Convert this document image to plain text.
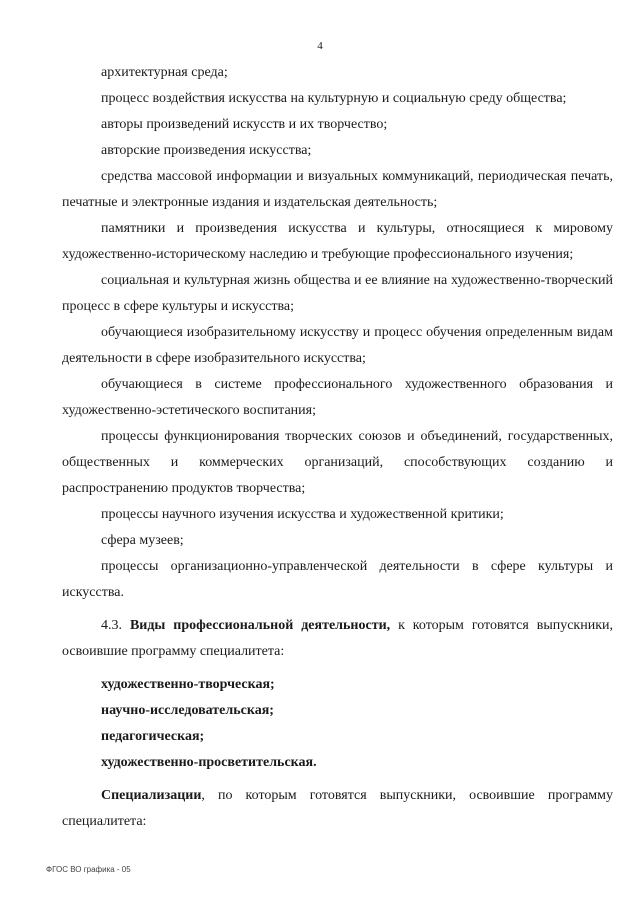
4

архитектурная среда;

процесс воздействия искусства на культурную и социальную среду общества;

авторы произведений искусств и их творчество;

авторские произведения искусства;

средства массовой информации и визуальных коммуникаций, периодическая печать, печатные и электронные издания и издательская деятельность;

памятники и произведения искусства и культуры, относящиеся к мировому художественно-историческому наследию и требующие профессионального изучения;

социальная и культурная жизнь общества и ее влияние на художественно-творческий процесс в сфере культуры и искусства;

обучающиеся изобразительному искусству и процесс обучения определенным видам деятельности в сфере изобразительного искусства;

обучающиеся в системе профессионального художественного образования и художественно-эстетического воспитания;

процессы функционирования творческих союзов и объединений, государственных, общественных и коммерческих организаций, способствующих созданию и распространению продуктов творчества;

процессы научного изучения искусства и художественной критики;

сфера музеев;

процессы организационно-управленческой деятельности в сфере культуры и искусства.

4.3. Виды профессиональной деятельности, к которым готовятся выпускники, освоившие программу специалитета:

художественно-творческая;

научно-исследовательская;

педагогическая;

художественно-просветительская.

Специализации, по которым готовятся выпускники, освоившие программу специалитета:

ФГОС ВО графика - 05
